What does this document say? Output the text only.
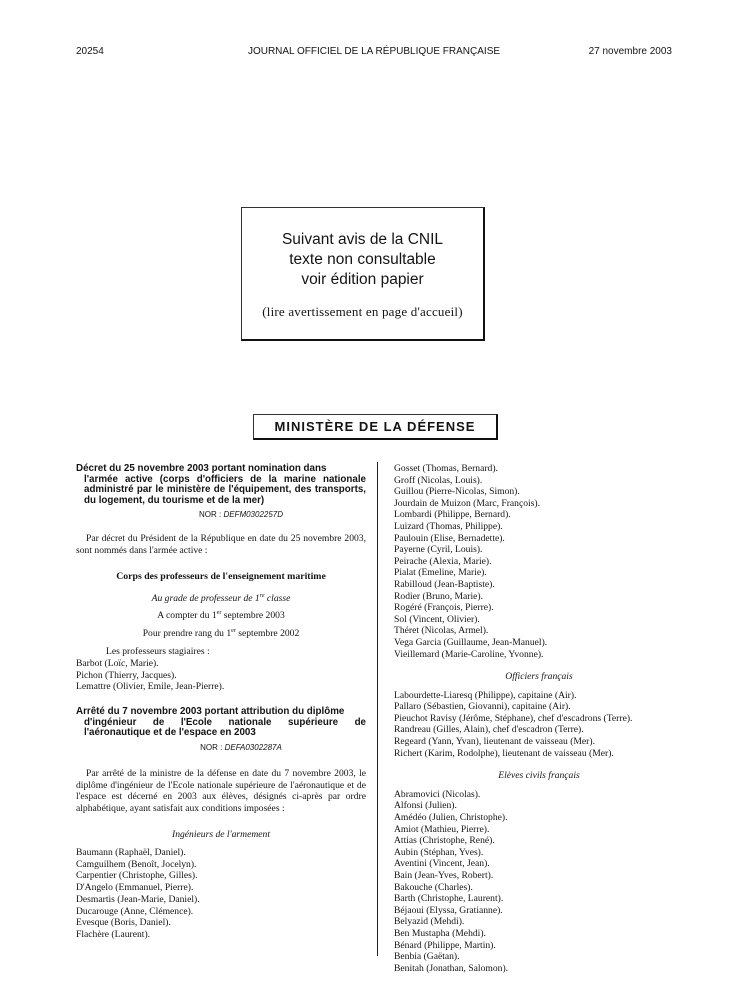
20254	JOURNAL OFFICIEL DE LA RÉPUBLIQUE FRANÇAISE	27 novembre 2003
Suivant avis de la CNIL
texte non consultable
voir édition papier
(lire avertissement en page d'accueil)
MINISTÈRE DE LA DÉFENSE
Décret du 25 novembre 2003 portant nomination dans
l'armée active (corps d'officiers de la marine nationale administré par le ministère de l'équipement, des transports, du logement, du tourisme et de la mer)
NOR : DEFM0302257D
Par décret du Président de la République en date du 25 novembre 2003, sont nommés dans l'armée active :
Corps des professeurs de l'enseignement maritime
Au grade de professeur de 1re classe
A compter du 1er septembre 2003
Pour prendre rang du 1er septembre 2002
Les professeurs stagiaires :
Barbot (Loïc, Marie).
Pichon (Thierry, Jacques).
Lemattre (Olivier, Emile, Jean-Pierre).
Arrêté du 7 novembre 2003 portant attribution du diplôme
d'ingénieur de l'Ecole nationale supérieure de l'aéronautique et de l'espace en 2003
NOR : DEFA0302287A
Par arrêté de la ministre de la défense en date du 7 novembre 2003, le diplôme d'ingénieur de l'Ecole nationale supérieure de l'aéronautique et de l'espace est décerné en 2003 aux élèves, désignés ci-après par ordre alphabétique, ayant satisfait aux conditions imposées :
Ingénieurs de l'armement
Baumann (Raphaël, Daniel).
Camguilhem (Benoît, Jocelyn).
Carpentier (Christophe, Gilles).
D'Angelo (Emmanuel, Pierre).
Desmartis (Jean-Marie, Daniel).
Ducarouge (Anne, Clémence).
Evesque (Boris, Daniel).
Flachère (Laurent).
Gosset (Thomas, Bernard).
Groff (Nicolas, Louis).
Guillou (Pierre-Nicolas, Simon).
Jourdain de Muizon (Marc, François).
Lombardi (Philippe, Bernard).
Luizard (Thomas, Philippe).
Paulouin (Elise, Bernadette).
Payerne (Cyril, Louis).
Peirache (Alexia, Marie).
Pialat (Emeline, Marie).
Rabilloud (Jean-Baptiste).
Rodier (Bruno, Marie).
Rogéré (François, Pierre).
Sol (Vincent, Olivier).
Théret (Nicolas, Armel).
Vega Garcia (Guillaume, Jean-Manuel).
Vieillemard (Marie-Caroline, Yvonne).
Officiers français
Labourdette-Liaresq (Philippe), capitaine (Air).
Pallaro (Sébastien, Giovanni), capitaine (Air).
Pieuchot Ravisy (Jérôme, Stéphane), chef d'escadrons (Terre).
Randreau (Gilles, Alain), chef d'escadron (Terre).
Regeard (Yann, Yvan), lieutenant de vaisseau (Mer).
Richert (Karim, Rodolphe), lieutenant de vaisseau (Mer).
Elèves civils français
Abramovici (Nicolas).
Alfonsi (Julien).
Amédéo (Julien, Christophe).
Amiot (Mathieu, Pierre).
Attias (Christophe, René).
Aubin (Stéphan, Yves).
Aventini (Vincent, Jean).
Bain (Jean-Yves, Robert).
Bakouche (Charles).
Barth (Christophe, Laurent).
Béjaoui (Elyssa, Gratianne).
Belyazid (Mehdi).
Ben Mustapha (Mehdi).
Bénard (Philippe, Martin).
Benbia (Gaëtan).
Benitah (Jonathan, Salomon).
